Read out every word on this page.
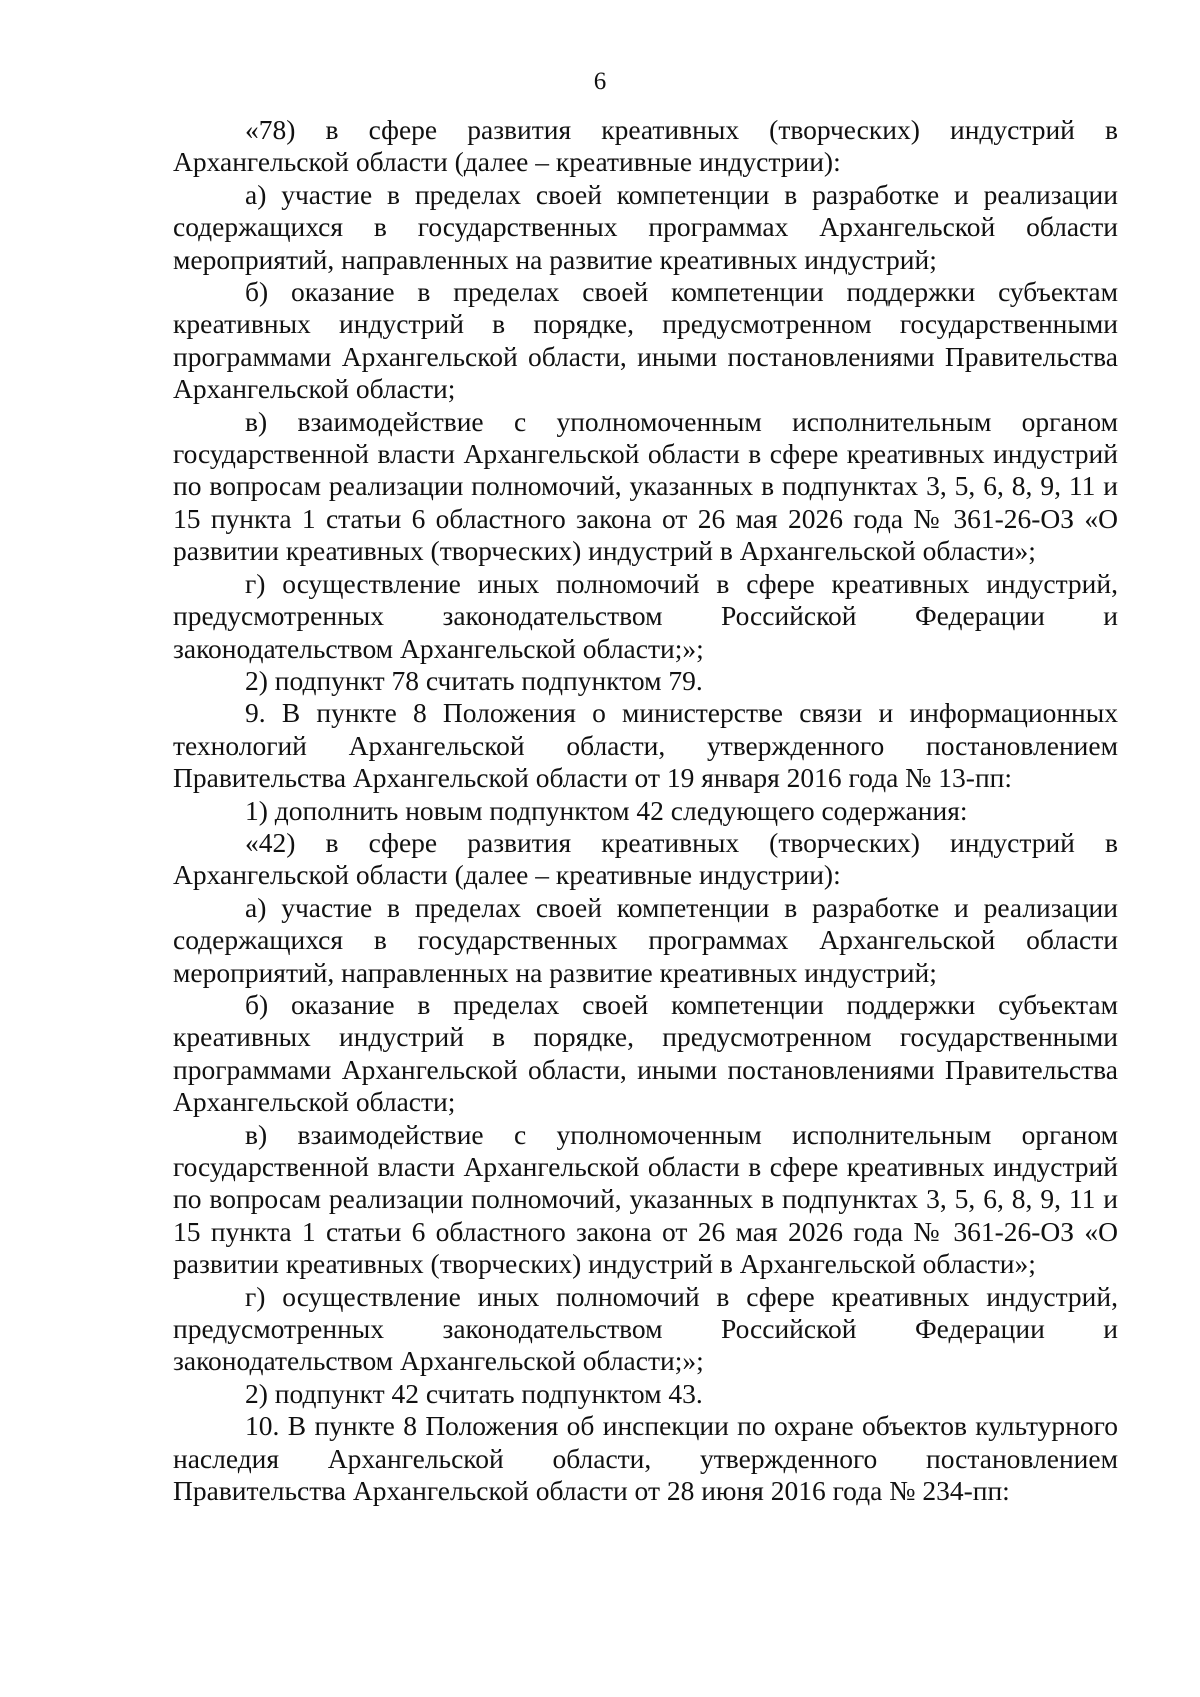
6

«78) в сфере развития креативных (творческих) индустрий в Архангельской области (далее – креативные индустрии):

а) участие в пределах своей компетенции в разработке и реализации содержащихся в государственных программах Архангельской области мероприятий, направленных на развитие креативных индустрий;

б) оказание в пределах своей компетенции поддержки субъектам креативных индустрий в порядке, предусмотренном государственными программами Архангельской области, иными постановлениями Правительства Архангельской области;

в) взаимодействие с уполномоченным исполнительным органом государственной власти Архангельской области в сфере креативных индустрий по вопросам реализации полномочий, указанных в подпунктах 3, 5, 6, 8, 9, 11 и 15 пункта 1 статьи 6 областного закона от 26 мая 2026 года № 361-26-ОЗ «О развитии креативных (творческих) индустрий в Архангельской области»;

г) осуществление иных полномочий в сфере креативных индустрий, предусмотренных законодательством Российской Федерации и законодательством Архангельской области;»;

2) подпункт 78 считать подпунктом 79.

9. В пункте 8 Положения о министерстве связи и информационных технологий Архангельской области, утвержденного постановлением Правительства Архангельской области от 19 января 2016 года № 13-пп:

1) дополнить новым подпунктом 42 следующего содержания:

«42) в сфере развития креативных (творческих) индустрий в Архангельской области (далее – креативные индустрии):

а) участие в пределах своей компетенции в разработке и реализации содержащихся в государственных программах Архангельской области мероприятий, направленных на развитие креативных индустрий;

б) оказание в пределах своей компетенции поддержки субъектам креативных индустрий в порядке, предусмотренном государственными программами Архангельской области, иными постановлениями Правительства Архангельской области;

в) взаимодействие с уполномоченным исполнительным органом государственной власти Архангельской области в сфере креативных индустрий по вопросам реализации полномочий, указанных в подпунктах 3, 5, 6, 8, 9, 11 и 15 пункта 1 статьи 6 областного закона от 26 мая 2026 года № 361-26-ОЗ «О развитии креативных (творческих) индустрий в Архангельской области»;

г) осуществление иных полномочий в сфере креативных индустрий, предусмотренных законодательством Российской Федерации и законодательством Архангельской области;»;

2) подпункт 42 считать подпунктом 43.

10. В пункте 8 Положения об инспекции по охране объектов культурного наследия Архангельской области, утвержденного постановлением Правительства Архангельской области от 28 июня 2016 года № 234-пп:
